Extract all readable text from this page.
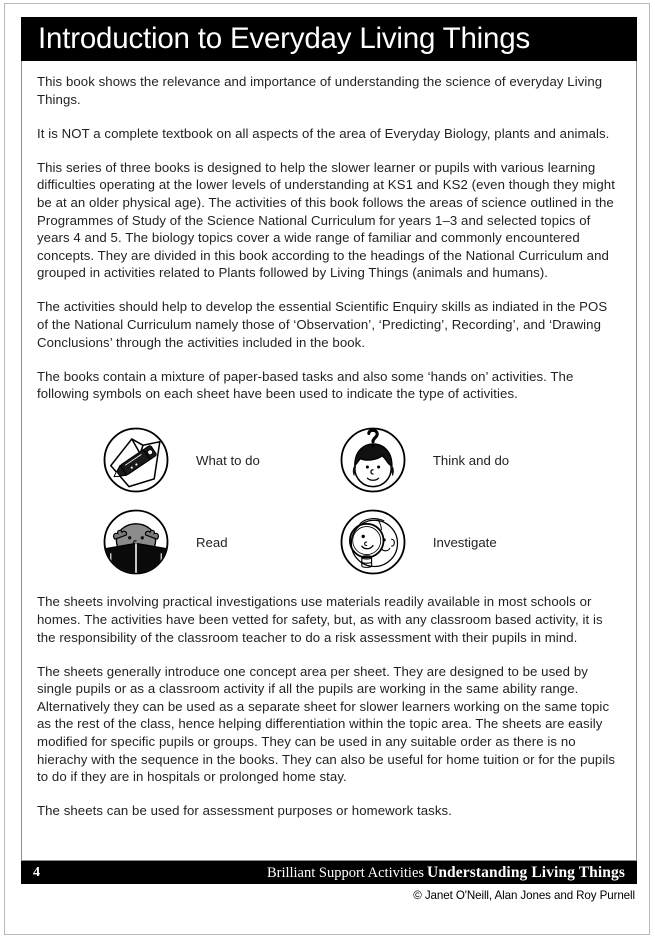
Introduction to Everyday Living Things

This book shows the relevance and importance of understanding the science of everyday Living Things.

It is NOT a complete textbook on all aspects of the area of Everyday Biology, plants and animals.

This series of three books is designed to help the slower learner or pupils with various learning difficulties operating at the lower levels of understanding at KS1 and KS2 (even though they might be at an older physical age). The activities of this book follows the areas of science outlined in the Programmes of Study of the Science National Curriculum for years 1–3 and selected topics of years 4 and 5. The biology topics cover a wide range of familiar and commonly encountered concepts. They are divided in this book according to the headings of the National Curriculum and grouped in activities related to Plants followed by Living Things (animals and humans).

The activities should help to develop the essential Scientific Enquiry skills as indiated in the POS of the National Curriculum namely those of ‘Observation’, ‘Predicting’, Recording’, and ‘Drawing Conclusions’ through the activities included in the book.

The books contain a mixture of paper-based tasks and also some ‘hands on’ activities. The following symbols on each sheet have been used to indicate the type of activities.

What to do	Think and do
Read	Investigate

The sheets involving practical investigations use materials readily available in most schools or homes. The activities have been vetted for safety, but, as with any classroom based activity, it is the responsibility of the classroom teacher to do a risk assessment with their pupils in mind.

The sheets generally introduce one concept area per sheet. They are designed to be used by single pupils or as a classroom activity if all the pupils are working in the same ability range. Alternatively they can be used as a separate sheet for slower learners working on the same topic as the rest of the class, hence helping differentiation within the topic area. The sheets are easily modified for specific pupils or groups. They can be used in any suitable order as there is no hierachy with the sequence in the books. They can also be useful for home tuition or for the pupils to do if they are in hospitals or prolonged home stay.

The sheets can be used for assessment purposes or homework tasks.

4	Brilliant Support Activities Understanding Living Things
© Janet O'Neill, Alan Jones and Roy Purnell
